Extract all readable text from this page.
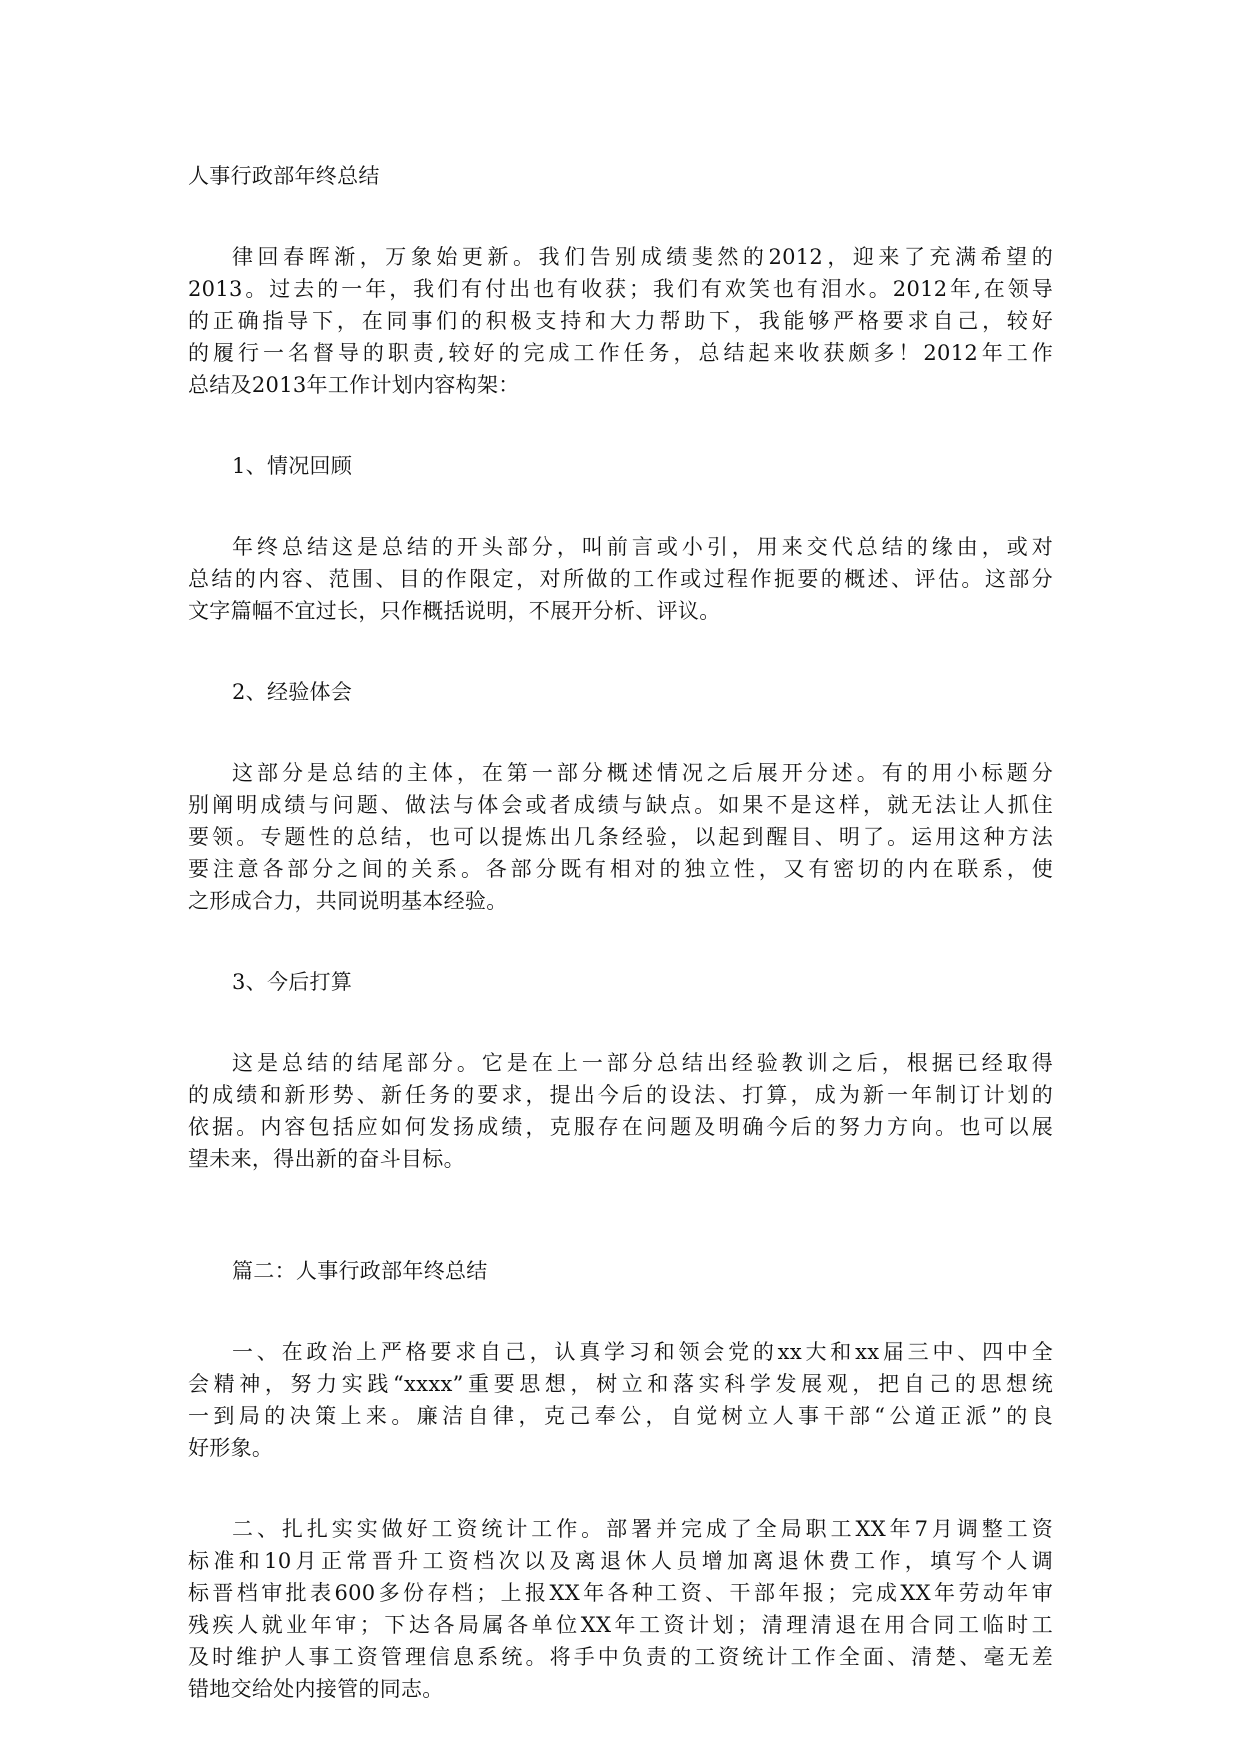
人事行政部年终总结

律回春晖渐，万象始更新。我们告别成绩斐然的2012，迎来了充满希望的

2013。过去的一年，我们有付出也有收获；我们有欢笑也有泪水。2012年,在领导

的正确指导下，在同事们的积极支持和大力帮助下，我能够严格要求自己，较好

的履行一名督导的职责,较好的完成工作任务，总结起来收获颇多！2012年工作

总结及2013年工作计划内容构架：

1、情况回顾

年终总结这是总结的开头部分，叫前言或小引，用来交代总结的缘由，或对

总结的内容、范围、目的作限定，对所做的工作或过程作扼要的概述、评估。这部分

文字篇幅不宜过长，只作概括说明，不展开分析、评议。

2、经验体会

这部分是总结的主体，在第一部分概述情况之后展开分述。有的用小标题分

别阐明成绩与问题、做法与体会或者成绩与缺点。如果不是这样，就无法让人抓住

要领。专题性的总结，也可以提炼出几条经验，以起到醒目、明了。运用这种方法

要注意各部分之间的关系。各部分既有相对的独立性，又有密切的内在联系，使

之形成合力，共同说明基本经验。

3、今后打算

这是总结的结尾部分。它是在上一部分总结出经验教训之后，根据已经取得

的成绩和新形势、新任务的要求，提出今后的设法、打算，成为新一年制订计划的

依据。内容包括应如何发扬成绩，克服存在问题及明确今后的努力方向。也可以展

望未来，得出新的奋斗目标。

篇二：人事行政部年终总结

一、在政治上严格要求自己，认真学习和领会党的xx大和xx届三中、四中全

会精神，努力实践“xxxx”重要思想，树立和落实科学发展观，把自己的思想统

一到局的决策上来。廉洁自律，克己奉公，自觉树立人事干部“公道正派”的良

好形象。

二、扎扎实实做好工资统计工作。部署并完成了全局职工XX年7月调整工资

标准和10月正常晋升工资档次以及离退休人员增加离退休费工作，填写个人调

标晋档审批表600多份存档；上报XX年各种工资、干部年报；完成XX年劳动年审

残疾人就业年审；下达各局属各单位XX年工资计划；清理清退在用合同工临时工

及时维护人事工资管理信息系统。将手中负责的工资统计工作全面、清楚、毫无差

错地交给处内接管的同志。
